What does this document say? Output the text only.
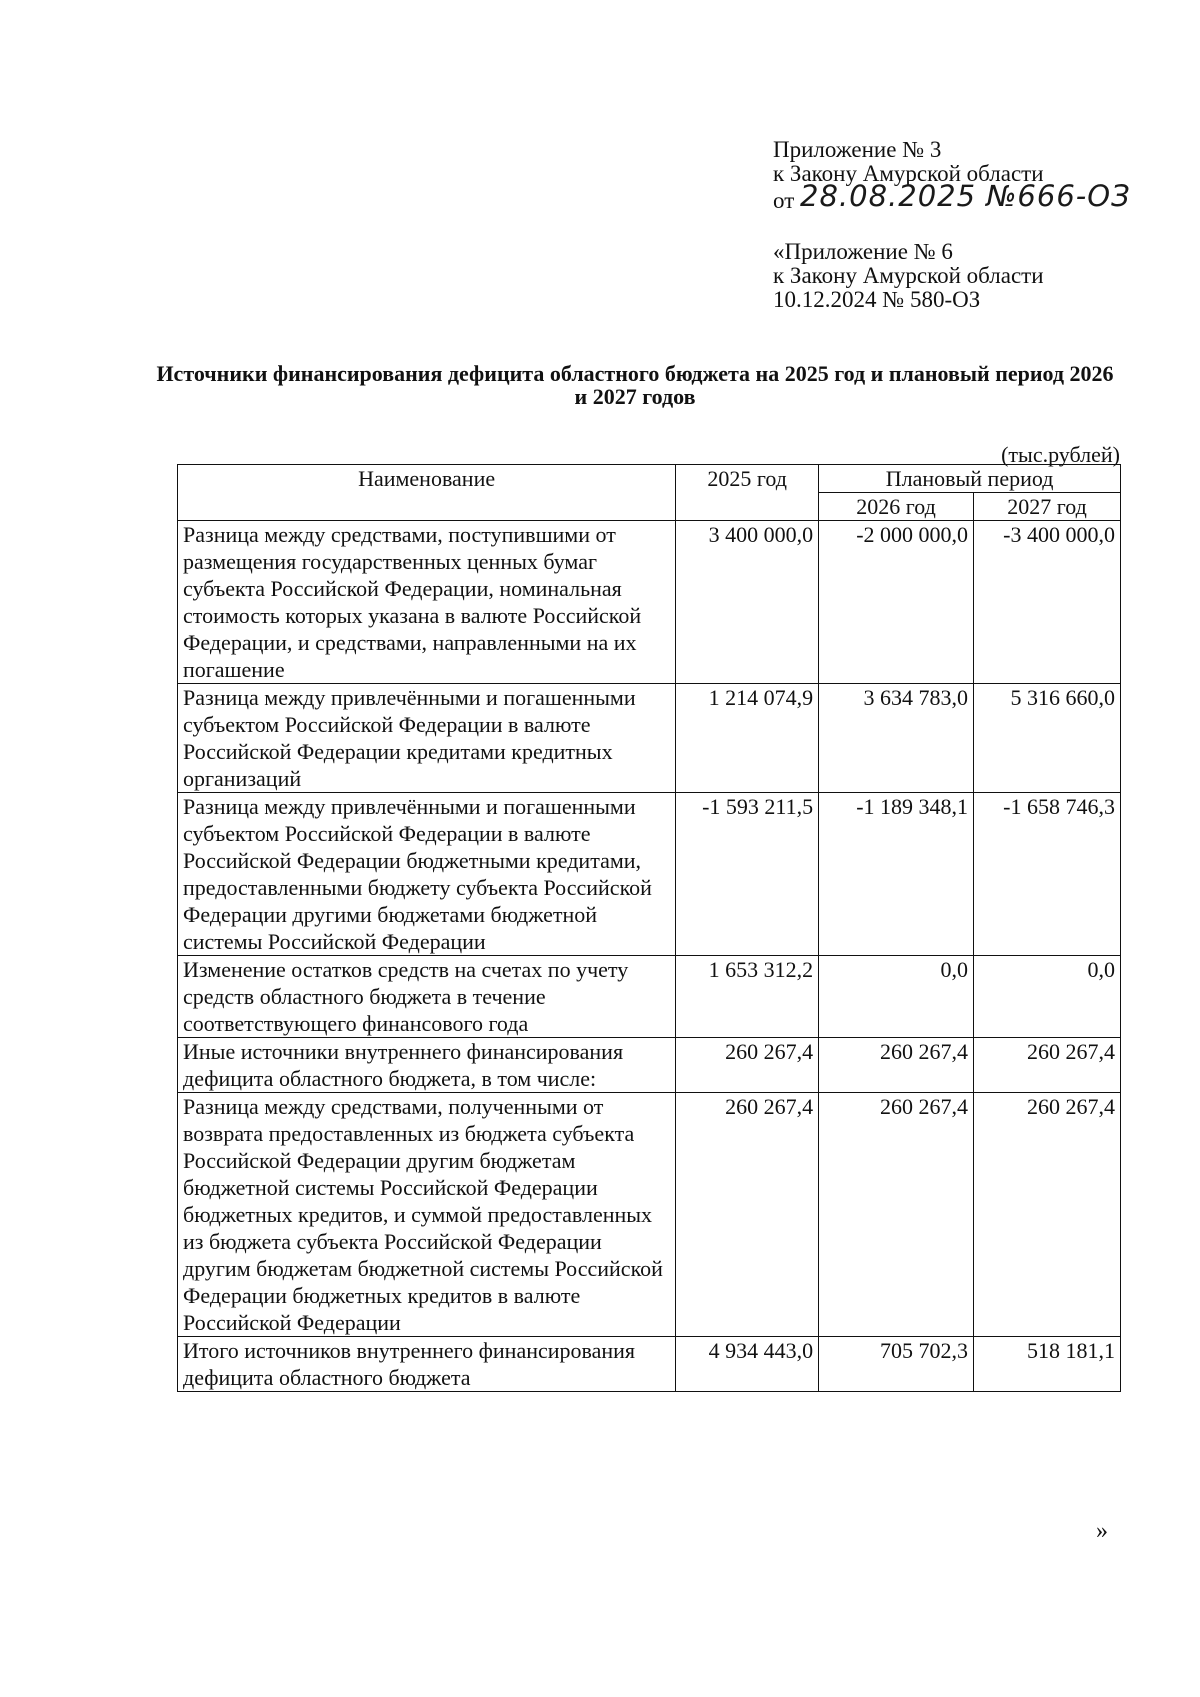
Приложение № 3
к Закону Амурской области
от 28.08.2025 №666-ОЗ
«Приложение № 6
к Закону Амурской области
10.12.2024 № 580-ОЗ
Источники финансирования дефицита областного бюджета на 2025 год и плановый период 2026 и 2027 годов
(тыс.рублей)
Наименование	2025 год	Плановый период	
		2026 год	2027 год
Разница между средствами, поступившими от размещения государственных ценных бумаг субъекта Российской Федерации, номинальная стоимость которых указана в валюте Российской Федерации, и средствами, направленными на их погашение	3 400 000,0	-2 000 000,0	-3 400 000,0
Разница между привлечёнными и погашенными субъектом Российской Федерации в валюте Российской Федерации кредитами кредитных организаций	1 214 074,9	3 634 783,0	5 316 660,0
Разница между привлечёнными и погашенными субъектом Российской Федерации в валюте Российской Федерации бюджетными кредитами, предоставленными бюджету субъекта Российской Федерации другими бюджетами бюджетной системы Российской Федерации	-1 593 211,5	-1 189 348,1	-1 658 746,3
Изменение остатков средств на счетах по учету средств областного бюджета в течение соответствующего финансового года	1 653 312,2	0,0	0,0
Иные источники внутреннего финансирования дефицита областного бюджета, в том числе:	260 267,4	260 267,4	260 267,4
Разница между средствами, полученными от возврата предоставленных из бюджета субъекта Российской Федерации другим бюджетам бюджетной системы Российской Федерации бюджетных кредитов, и суммой предоставленных из бюджета субъекта Российской Федерации другим бюджетам бюджетной системы Российской Федерации бюджетных кредитов в валюте Российской Федерации	260 267,4	260 267,4	260 267,4
Итого источников внутреннего финансирования дефицита областного бюджета	4 934 443,0	705 702,3	518 181,1
»
